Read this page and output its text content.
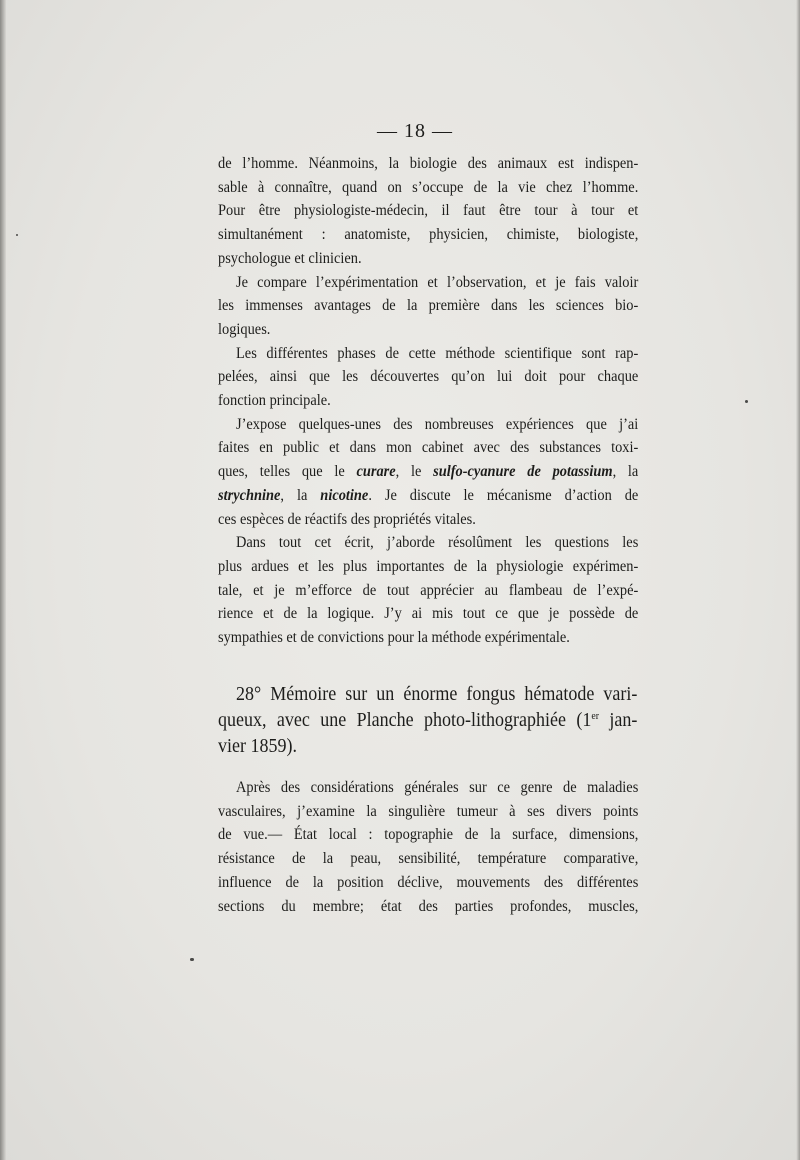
— 18 —

de l’homme. Néanmoins, la biologie des animaux est indispen-
sable à connaître, quand on s’occupe de la vie chez l’homme.
Pour être physiologiste-médecin, il faut être tour à tour et
simultanément : anatomiste, physicien, chimiste, biologiste,
psychologue et clinicien.

Je compare l’expérimentation et l’observation, et je fais valoir
les immenses avantages de la première dans les sciences bio-
logiques.

Les différentes phases de cette méthode scientifique sont rap-
pelées, ainsi que les découvertes qu’on lui doit pour chaque
fonction principale.

J’expose quelques-unes des nombreuses expériences que j’ai
faites en public et dans mon cabinet avec des substances toxi-
ques, telles que le curare, le sulfo-cyanure de potassium, la
strychnine, la nicotine. Je discute le mécanisme d’action de
ces espèces de réactifs des propriétés vitales.

Dans tout cet écrit, j’aborde résolûment les questions les
plus ardues et les plus importantes de la physiologie expérimen-
tale, et je m’efforce de tout apprécier au flambeau de l’expé-
rience et de la logique. J’y ai mis tout ce que je possède de
sympathies et de convictions pour la méthode expérimentale.

28° Mémoire sur un énorme fongus hématode vari-
queux, avec une Planche photo-lithographiée (1er jan-
vier 1859).

Après des considérations générales sur ce genre de maladies
vasculaires, j’examine la singulière tumeur à ses divers points
de vue.— État local : topographie de la surface, dimensions,
résistance de la peau, sensibilité, température comparative,
influence de la position déclive, mouvements des différentes
sections du membre; état des parties profondes, muscles,
